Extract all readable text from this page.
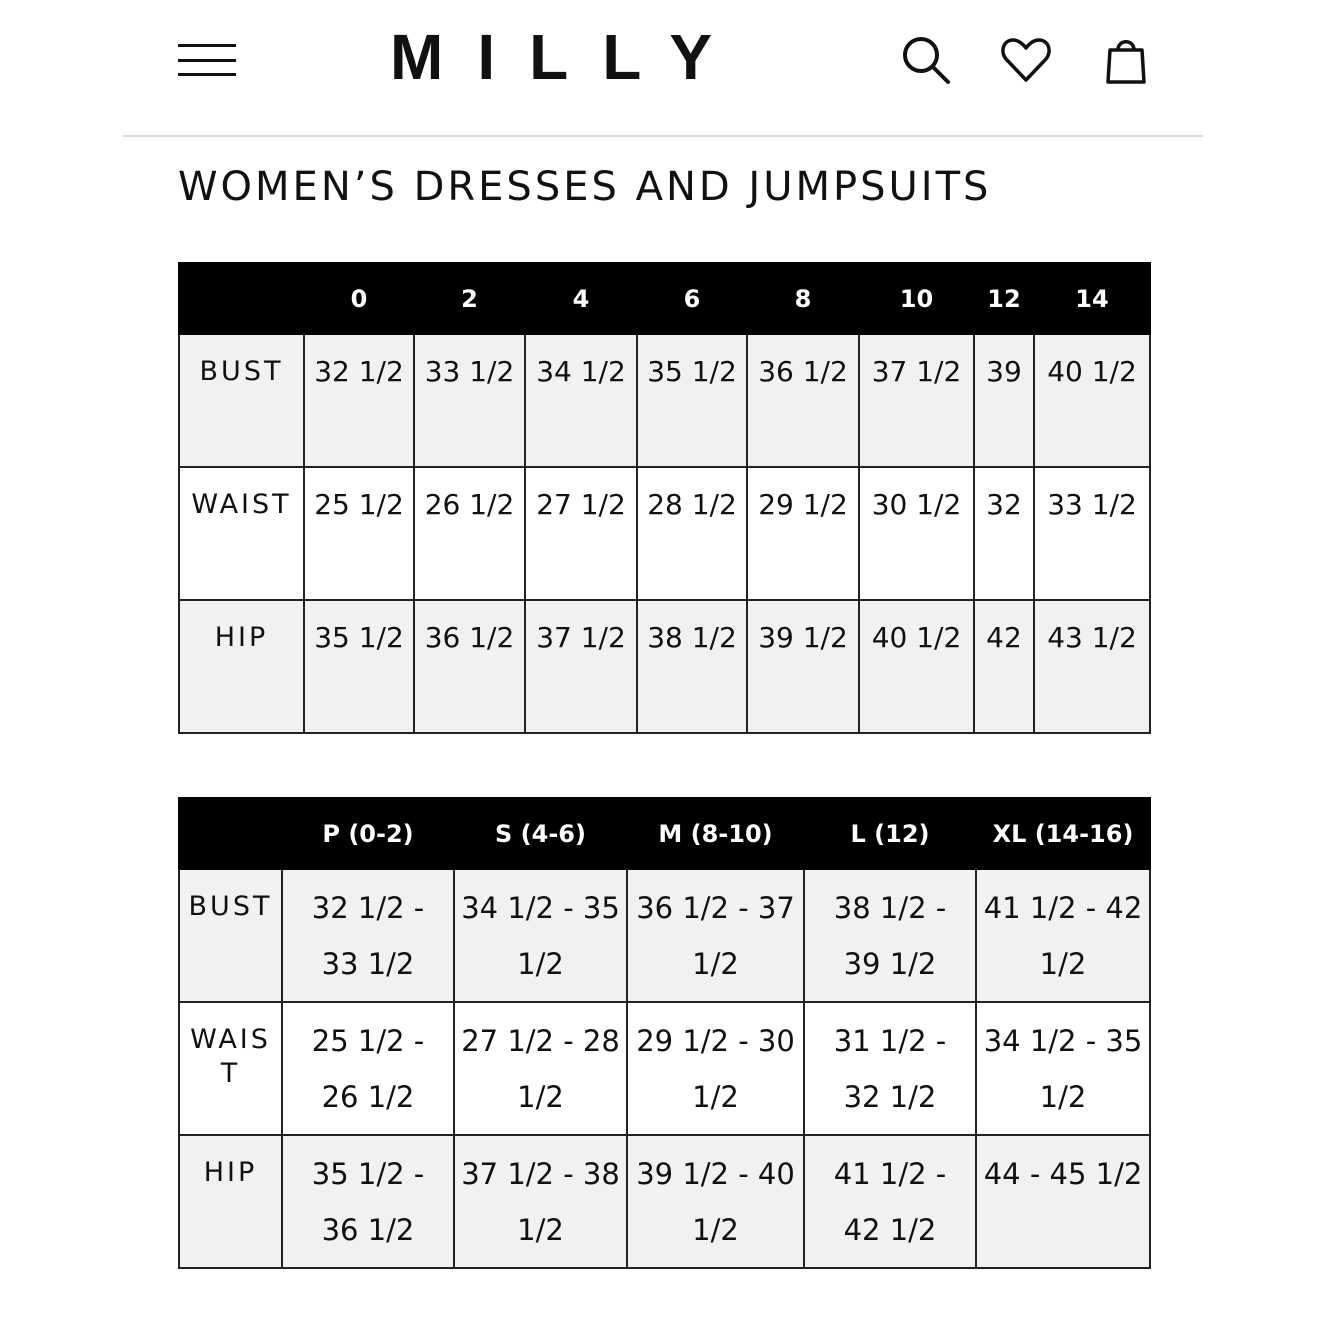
MILLY
WOMEN’S DRESSES AND JUMPSUITS
	0	2	4	6	8	10	12	14
BUST	32 1/2	33 1/2	34 1/2	35 1/2	36 1/2	37 1/2	39	40 1/2
WAIST	25 1/2	26 1/2	27 1/2	28 1/2	29 1/2	30 1/2	32	33 1/2
HIP	35 1/2	36 1/2	37 1/2	38 1/2	39 1/2	40 1/2	42	43 1/2
	P (0-2)	S (4-6)	M (8-10)	L (12)	XL (14-16)
BUST	32 1/2 - 33 1/2	34 1/2 - 35 1/2	36 1/2 - 37 1/2	38 1/2 - 39 1/2	41 1/2 - 42 1/2
WAIST	25 1/2 - 26 1/2	27 1/2 - 28 1/2	29 1/2 - 30 1/2	31 1/2 - 32 1/2	34 1/2 - 35 1/2
HIP	35 1/2 - 36 1/2	37 1/2 - 38 1/2	39 1/2 - 40 1/2	41 1/2 - 42 1/2	44 - 45 1/2
